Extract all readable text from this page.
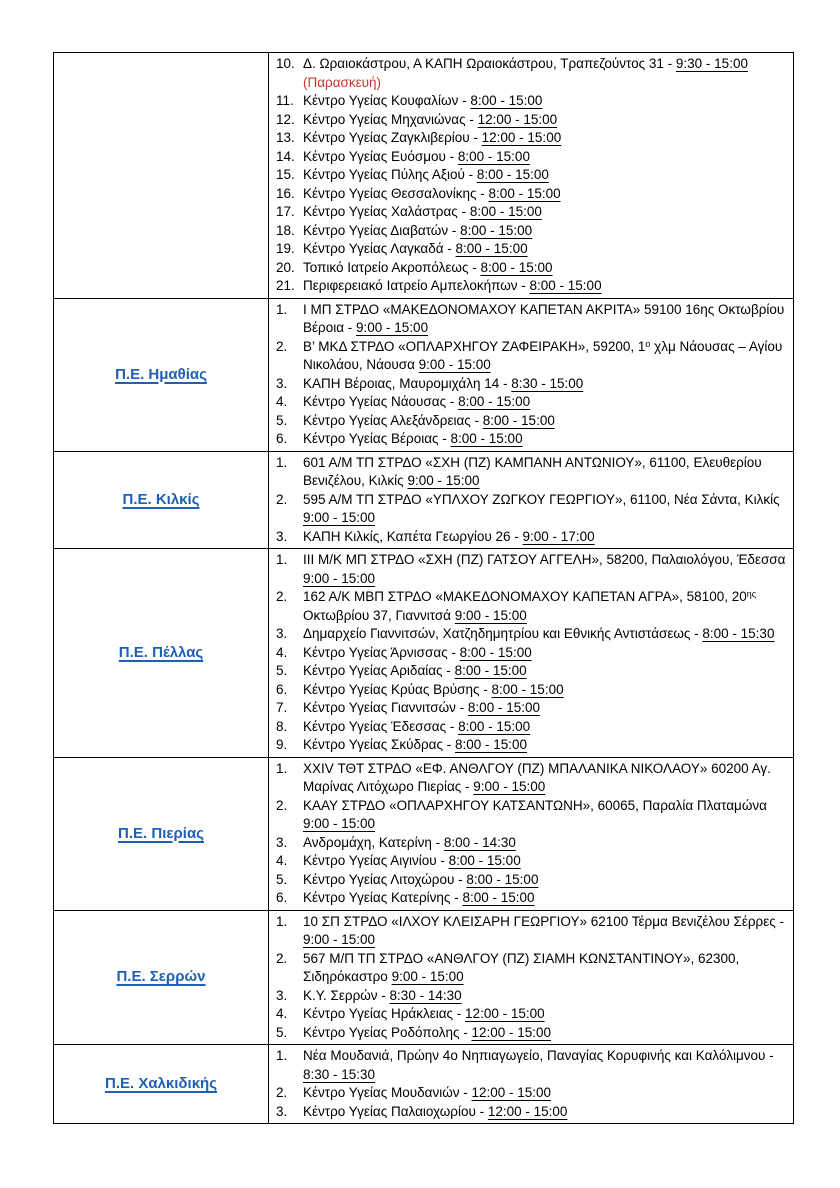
10. Δ. Ωραιοκάστρου, Α ΚΑΠΗ Ωραιοκάστρου, Τραπεζούντος 31 - 9:30 - 15:00 (Παρασκευή)
11. Κέντρο Υγείας Κουφαλίων - 8:00 - 15:00
12. Κέντρο Υγείας Μηχανιώνας - 12:00 - 15:00
13. Κέντρο Υγείας Ζαγκλιβερίου - 12:00 - 15:00
14. Κέντρο Υγείας Ευόσμου - 8:00 - 15:00
15. Κέντρο Υγείας Πύλης Αξιού - 8:00 - 15:00
16. Κέντρο Υγείας Θεσσαλονίκης - 8:00 - 15:00
17. Κέντρο Υγείας Χαλάστρας - 8:00 - 15:00
18. Κέντρο Υγείας Διαβατών - 8:00 - 15:00
19. Κέντρο Υγείας Λαγκαδά - 8:00 - 15:00
20. Τοπικό Ιατρείο Ακροπόλεως - 8:00 - 15:00
21. Περιφερειακό Ιατρείο Αμπελοκήπων - 8:00 - 15:00

Π.Ε. Ημαθίας	
1.	Ι ΜΠ ΣΤΡΔΟ «ΜΑΚΕΔΟΝΟΜΑΧΟΥ ΚΑΠΕΤΑΝ ΑΚΡΙΤΑ» 59100 16ης Οκτωβρίου Βέροια - 9:00 - 15:00
2.	Β’ ΜΚΔ ΣΤΡΔΟ «ΟΠΛΑΡΧΗΓΟΥ ΖΑΦΕΙΡΑΚΗ», 59200, $1^o$ χλμ Νάουσας – Αγίου Νικολάου, Νάουσα 9:00 - 15:00
3.	ΚΑΠΗ Βέροιας, Μαυρομιχάλη 14 - 8:30 - 15:00
4.	Κέντρο Υγείας Νάουσας - 8:00 - 15:00
5.	Κέντρο Υγείας Αλεξάνδρειας - 8:00 - 15:00
6.	Κέντρο Υγείας Βέροιας - 8:00 - 15:00

Π.Ε. Κιλκίς	
1.	601 Α/Μ ΤΠ ΣΤΡΔΟ «ΣΧΗ (ΠΖ) ΚΑΜΠΑΝΗ ΑΝΤΩΝΙΟΥ», 61100, Ελευθερίου Βενιζέλου, Κιλκίς 9:00 - 15:00
2.	595 Α/Μ ΤΠ ΣΤΡΔΟ «ΥΠΛΧΟΥ ΖΩΓΚΟΥ ΓΕΩΡΓΙΟΥ», 61100, Νέα Σάντα, Κιλκίς 9:00 - 15:00
3.	ΚΑΠΗ Κιλκίς, Καπέτα Γεωργίου 26 - 9:00 - 17:00

Π.Ε. Πέλλας	
1.	ΙΙΙ Μ/Κ ΜΠ ΣΤΡΔΟ «ΣΧΗ (ΠΖ) ΓΑΤΣΟΥ ΑΓΓΕΛΗ», 58200, Παλαιολόγου, Έδεσσα 9:00 - 15:00
2.	162 Α/Κ ΜΒΠ ΣΤΡΔΟ «ΜΑΚΕΔΟΝΟΜΑΧΟΥ ΚΑΠΕΤΑΝ ΑΓΡΑ», 58100, $20^{\eta\varsigma}$ Οκτωβρίου 37, Γιαννιτσά 9:00 - 15:00
3.	Δημαρχείο Γιαννιτσών, Χατζηδημητρίου και Εθνικής Αντιστάσεως - 8:00 - 15:30
4.	Κέντρο Υγείας Άρνισσας - 8:00 - 15:00
5.	Κέντρο Υγείας Αριδαίας - 8:00 - 15:00
6.	Κέντρο Υγείας Κρύας Βρύσης - 8:00 - 15:00
7.	Κέντρο Υγείας Γιαννιτσών - 8:00 - 15:00
8.	Κέντρο Υγείας Έδεσσας - 8:00 - 15:00
9.	Κέντρο Υγείας Σκύδρας - 8:00 - 15:00

Π.Ε. Πιερίας	
1.	XXIV ΤΘΤ ΣΤΡΔΟ «ΕΦ. ΑΝΘΛΓΟΥ (ΠΖ) ΜΠΑΛΑΝΙΚΑ ΝΙΚΟΛΑΟΥ» 60200 Αγ. Μαρίνας Λιτόχωρο Πιερίας - 9:00 - 15:00
2.	ΚΑΑΥ ΣΤΡΔΟ «ΟΠΛΑΡΧΗΓΟΥ ΚΑΤΣΑΝΤΩΝΗ», 60065, Παραλία Πλαταμώνα 9:00 - 15:00
3.	Ανδρομάχη, Κατερίνη - 8:00 - 14:30
4.	Κέντρο Υγείας Αιγινίου - 8:00 - 15:00
5.	Κέντρο Υγείας Λιτοχώρου - 8:00 - 15:00
6.	Κέντρο Υγείας Κατερίνης - 8:00 - 15:00

Π.Ε. Σερρών	
1.	10 ΣΠ ΣΤΡΔΟ «ΙΛΧΟΥ ΚΛΕΙΣΑΡΗ ΓΕΩΡΓΙΟΥ» 62100 Τέρμα Βενιζέλου Σέρρες - 9:00 - 15:00
2.	567 Μ/Π ΤΠ ΣΤΡΔΟ «ΑΝΘΛΓΟΥ (ΠΖ) ΣΙΑΜΗ ΚΩΝΣΤΑΝΤΙΝΟΥ», 62300, Σιδηρόκαστρο 9:00 - 15:00
3.	Κ.Υ. Σερρών - 8:30 - 14:30
4.	Κέντρο Υγείας Ηράκλειας - 12:00 - 15:00
5.	Κέντρο Υγείας Ροδόπολης - 12:00 - 15:00

Π.Ε. Χαλκιδικής	
1.	Νέα Μουδανιά, Πρώην 4ο Νηπιαγωγείο, Παναγίας Κορυφινής και Καλόλιμνου - 8:30 - 15:30
2.	Κέντρο Υγείας Μουδανιών - 12:00 - 15:00
3.	Κέντρο Υγείας Παλαιοχωρίου - 12:00 - 15:00
